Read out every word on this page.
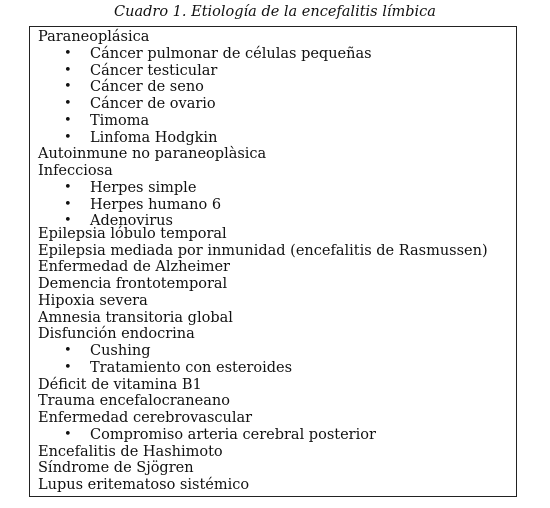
Cuadro 1. Etiología de la encefalitis límbica
Paraneoplásica
• Cáncer pulmonar de células pequeñas
• Cáncer testicular
• Cáncer de seno
• Cáncer de ovario
• Timoma
• Linfoma Hodgkin
Autoinmune no paraneoplàsica
Infecciosa
• Herpes simple
• Herpes humano 6
• Adenovirus
Epilepsia lóbulo temporal
Epilepsia mediada por inmunidad (encefalitis de Rasmussen)
Enfermedad de Alzheimer
Demencia frontotemporal
Hipoxia severa
Amnesia transitoria global
Disfunción endocrina
• Cushing
• Tratamiento con esteroides
Déficit de vitamina B1
Trauma encefalocraneano
Enfermedad cerebrovascular
• Compromiso arteria cerebral posterior
Encefalitis de Hashimoto
Síndrome de Sjögren
Lupus eritematoso sistémico
